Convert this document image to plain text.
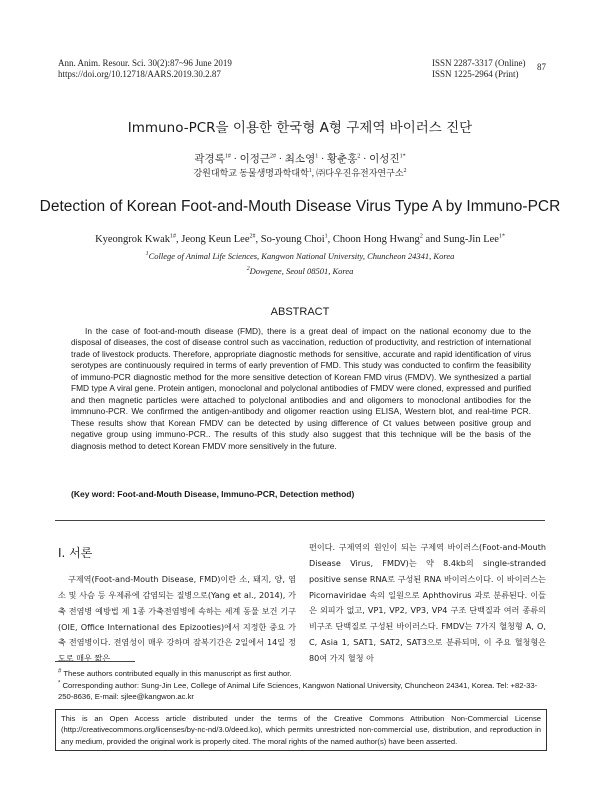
Ann. Anim. Resour. Sci. 30(2):87~96 June 2019
https://doi.org/10.12718/AARS.2019.30.2.87
ISSN 2287-3317 (Online)
ISSN 1225-2964 (Print)
87
Immuno-PCR을 이용한 한국형 A형 구제역 바이러스 진단
곽경록$^{1\#}$ · 이정근$^{2\#}$ · 최소영$^1$ · 황춘홍$^2$ · 이성진$^{1*}$
강원대학교 동물생명과학대학$^1$, ㈜다우진유전자연구소$^2$
Detection of Korean Foot-and-Mouth Disease Virus Type A by Immuno-PCR
Kyeongrok Kwak$^{1\#}$, Jeong Keun Lee$^{2\#}$, So-young Choi$^1$, Choon Hong Hwang$^2$ and Sung-Jin Lee$^{1*}$
$^1$College of Animal Life Sciences, Kangwon National University, Chuncheon 24341, Korea
$^2$Dowgene, Seoul 08501, Korea
ABSTRACT
In the case of foot-and-mouth disease (FMD), there is a great deal of impact on the national economy due to the disposal of diseases, the cost of disease control such as vaccination, reduction of productivity, and restriction of international trade of livestock products. Therefore, appropriate diagnostic methods for sensitive, accurate and rapid identification of virus serotypes are continuously required in terms of early prevention of FMD. This study was conducted to confirm the feasibility of immuno-PCR diagnostic method for the more sensitive detection of Korean FMD virus (FMDV). We synthesized a partial FMD type A viral gene. Protein antigen, monoclonal and polyclonal antibodies of FMDV were cloned, expressed and purified and then magnetic particles were attached to polyclonal antibodies and and oligomers to monoclonal antibodies for the immnuno-PCR. We confirmed the antigen-antibody and oligomer reaction using ELISA, Western blot, and real-time PCR. These results show that Korean FMDV can be detected by using difference of Ct values between positive group and negative group using immuno-PCR.. The results of this study also suggest that this technique will be the basis of the diagnosis method to detect Korean FMDV more sensitively in the future.
(Key word: Foot-and-Mouth Disease, Immuno-PCR, Detection method)
Ⅰ. 서론
구제역(Foot-and-Mouth Disease, FMD)이란 소, 돼지, 양, 염소 및 사슴 등 우제류에 감염되는 질병으로(Yang et al., 2014), 가축 전염병 예방법 제 1종 가축전염병에 속하는 세계 동물 보건 기구(OIE, Office International des Epizooties)에서 지정한 중요 가축 전염병이다. 전염성이 매우 강하며 잠복기간은 2일에서 14일 정도로 매우 짧은
편이다. 구제역의 원인이 되는 구제역 바이러스(Foot-and-Mouth Disease Virus, FMDV)는 약 8.4kb의 single-stranded positive sense RNA로 구성된 RNA 바이러스이다. 이 바이러스는 Picornaviridae 속의 일원으로 Aphthovirus 과로 분류된다. 이들은 외피가 없고, VP1, VP2, VP3, VP4 구조 단백질과 여러 종류의 비구조 단백질로 구성된 바이러스다. FMDV는 7가지 혈청형 A, O, C, Asia 1, SAT1, SAT2, SAT3으로 분류되며, 이 주요 혈청형은 80여 가지 혈청 아
# These authors contributed equally in this manuscript as first author.
* Corresponding author: Sung-Jin Lee, College of Animal Life Sciences, Kangwon National University, Chuncheon 24341, Korea. Tel: +82-33-250-8636, E-mail: sjlee@kangwon.ac.kr
This is an Open Access article distributed under the terms of the Creative Commons Attribution Non-Commercial License (http://creativecommons.org/licenses/by-nc-nd/3.0/deed.ko), which permits unrestricted non-commercial use, distribution, and reproduction in any medium, provided the original work is properly cited. The moral rights of the named author(s) have been asserted.
